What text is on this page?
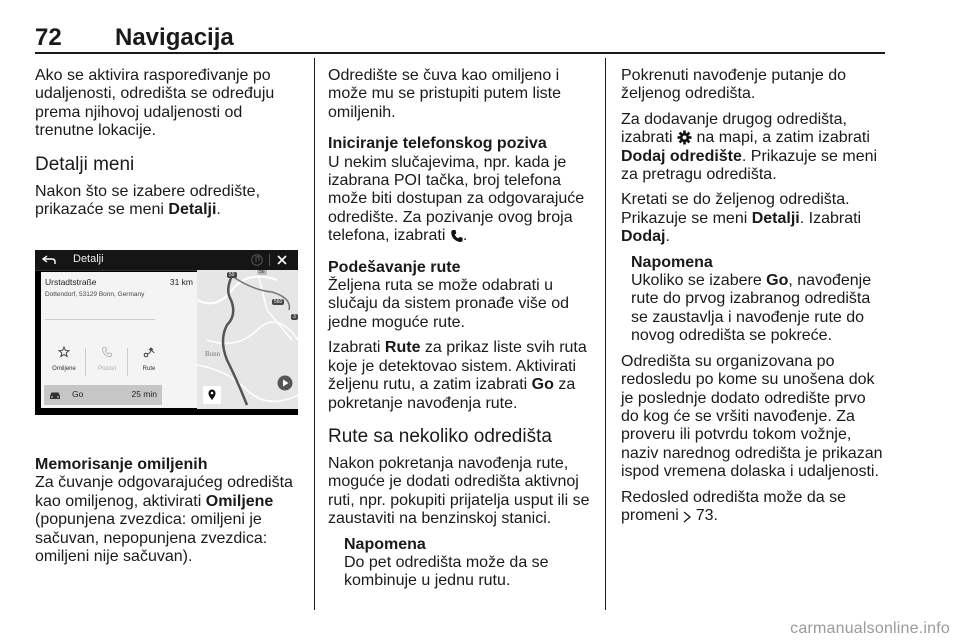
72 Navigacija

Ako se aktivira raspoređivanje po udaljenosti, odredišta se određuju prema njihovoj udaljenosti od trenutne lokacije.

Detalji meni

Nakon što se izabere odredište, prikazaće se meni Detalji.

Detalji
Urstadtstraße	31 km
Dottendorf, 53129 Bonn, Germany
Omiljene	Pozovi	Rute
Go	25 min
59	56
560
3
Bonn

Memorisanje omiljenih

Za čuvanje odgovarajućeg odredišta kao omiljenog, aktivirati Omiljene (popunjena zvezdica: omiljeni je sačuvan, nepopunjena zvezdica: omiljeni nije sačuvan).

Odredište se čuva kao omiljeno i može mu se pristupiti putem liste omiljenih.

Iniciranje telefonskog poziva

U nekim slučajevima, npr. kada je izabrana POI tačka, broj telefona može biti dostupan za odgovarajuće odredište. Za pozivanje ovog broja telefona, izabrati .

Podešavanje rute

Željena ruta se može odabrati u slučaju da sistem pronađe više od jedne moguće rute.

Izabrati Rute za prikaz liste svih ruta koje je detektovao sistem. Aktivirati željenu rutu, a zatim izabrati Go za pokretanje navođenja rute.

Rute sa nekoliko odredišta

Nakon pokretanja navođenja rute, moguće je dodati odredišta aktivnoj ruti, npr. pokupiti prijatelja usput ili se zaustaviti na benzinskoj stanici.

Napomena

Do pet odredišta može da se kombinuje u jednu rutu.

Pokrenuti navođenje putanje do željenog odredišta.

Za dodavanje drugog odredišta, izabrati  na mapi, a zatim izabrati Dodaj odredište. Prikazuje se meni za pretragu odredišta.

Kretati se do željenog odredišta. Prikazuje se meni Detalji. Izabrati Dodaj.

Napomena

Ukoliko se izabere Go, navođenje rute do prvog izabranog odredišta se zaustavlja i navođenje rute do novog odredišta se pokreće.

Odredišta su organizovana po redosledu po kome su unošena dok je poslednje dodato odredište prvo do kog će se vršiti navođenje. Za proveru ili potvrdu tokom vožnje, naziv narednog odredišta je prikazan ispod vremena dolaska i udaljenosti.

Redosled odredišta može da se promeni  73.

carmanualsonline.info
